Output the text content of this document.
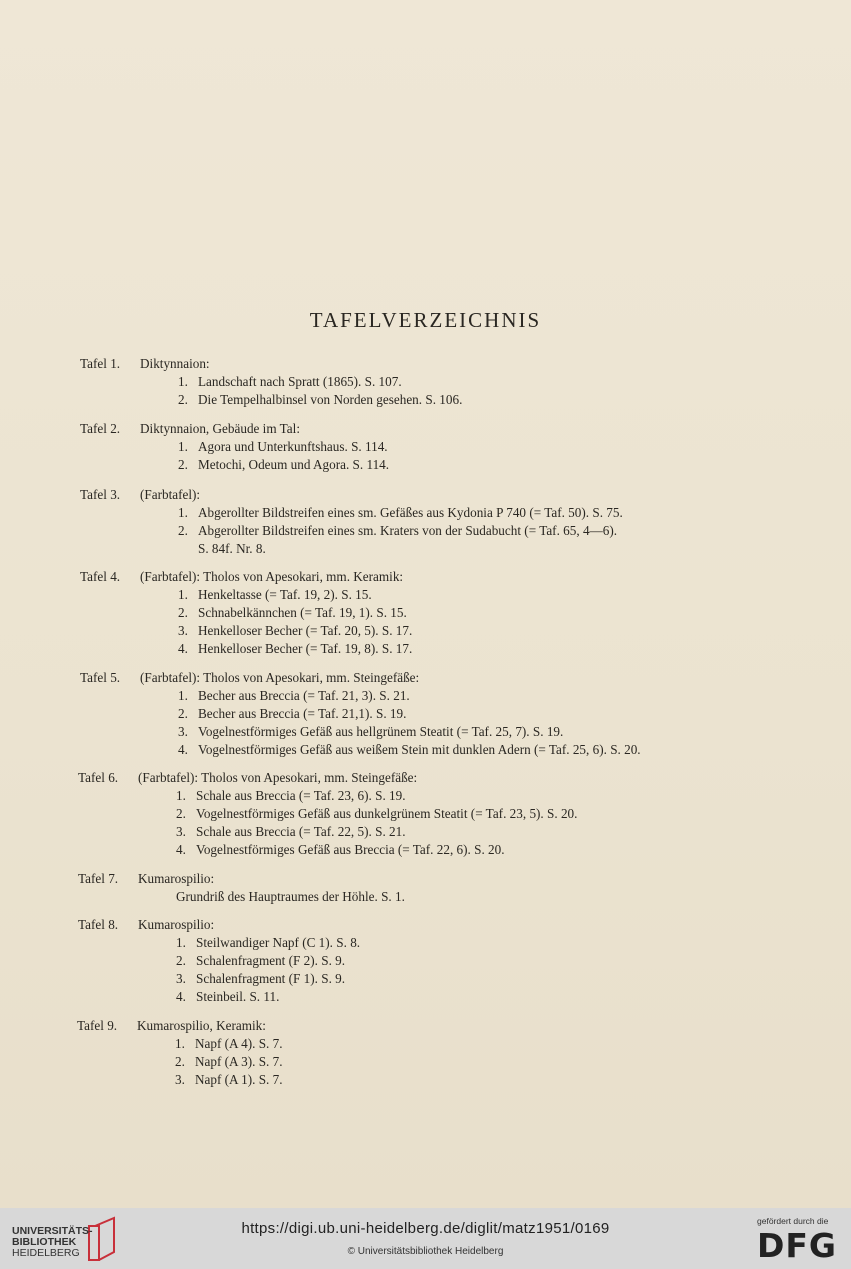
TAFELVERZEICHNIS
Tafel 1. Diktynnaion:
1. Landschaft nach Spratt (1865). S. 107.
2. Die Tempelhalbinsel von Norden gesehen. S. 106.
Tafel 2. Diktynnaion, Gebäude im Tal:
1. Agora und Unterkunftshaus. S. 114.
2. Metochi, Odeum und Agora. S. 114.
Tafel 3. (Farbtafel):
1. Abgerollter Bildstreifen eines sm. Gefäßes aus Kydonia P 740 (= Taf. 50). S. 75.
2. Abgerollter Bildstreifen eines sm. Kraters von der Sudabucht (= Taf. 65, 4—6).
S. 84f. Nr. 8.
Tafel 4. (Farbtafel): Tholos von Apesokari, mm. Keramik:
1. Henkeltasse (= Taf. 19, 2). S. 15.
2. Schnabelkännchen (= Taf. 19, 1). S. 15.
3. Henkelloser Becher (= Taf. 20, 5). S. 17.
4. Henkelloser Becher (= Taf. 19, 8). S. 17.
Tafel 5. (Farbtafel): Tholos von Apesokari, mm. Steingefäße:
1. Becher aus Breccia (= Taf. 21, 3). S. 21.
2. Becher aus Breccia (= Taf. 21,1). S. 19.
3. Vogelnestförmiges Gefäß aus hellgrünem Steatit (= Taf. 25, 7). S. 19.
4. Vogelnestförmiges Gefäß aus weißem Stein mit dunklen Adern (= Taf. 25, 6). S. 20.
Tafel 6. (Farbtafel): Tholos von Apesokari, mm. Steingefäße:
1. Schale aus Breccia (= Taf. 23, 6). S. 19.
2. Vogelnestförmiges Gefäß aus dunkelgrünem Steatit (= Taf. 23, 5). S. 20.
3. Schale aus Breccia (= Taf. 22, 5). S. 21.
4. Vogelnestförmiges Gefäß aus Breccia (= Taf. 22, 6). S. 20.
Tafel 7. Kumarospilio:
Grundriß des Hauptraumes der Höhle. S. 1.
Tafel 8. Kumarospilio:
1. Steilwandiger Napf (C 1). S. 8.
2. Schalenfragment (F 2). S. 9.
3. Schalenfragment (F 1). S. 9.
4. Steinbeil. S. 11.
Tafel 9. Kumarospilio, Keramik:
1. Napf (A 4). S. 7.
2. Napf (A 3). S. 7.
3. Napf (A 1). S. 7.
UNIVERSITÄTS-
BIBLIOTHEK
HEIDELBERG
https://digi.ub.uni-heidelberg.de/diglit/matz1951/0169
© Universitätsbibliothek Heidelberg
gefördert durch die
DFG
